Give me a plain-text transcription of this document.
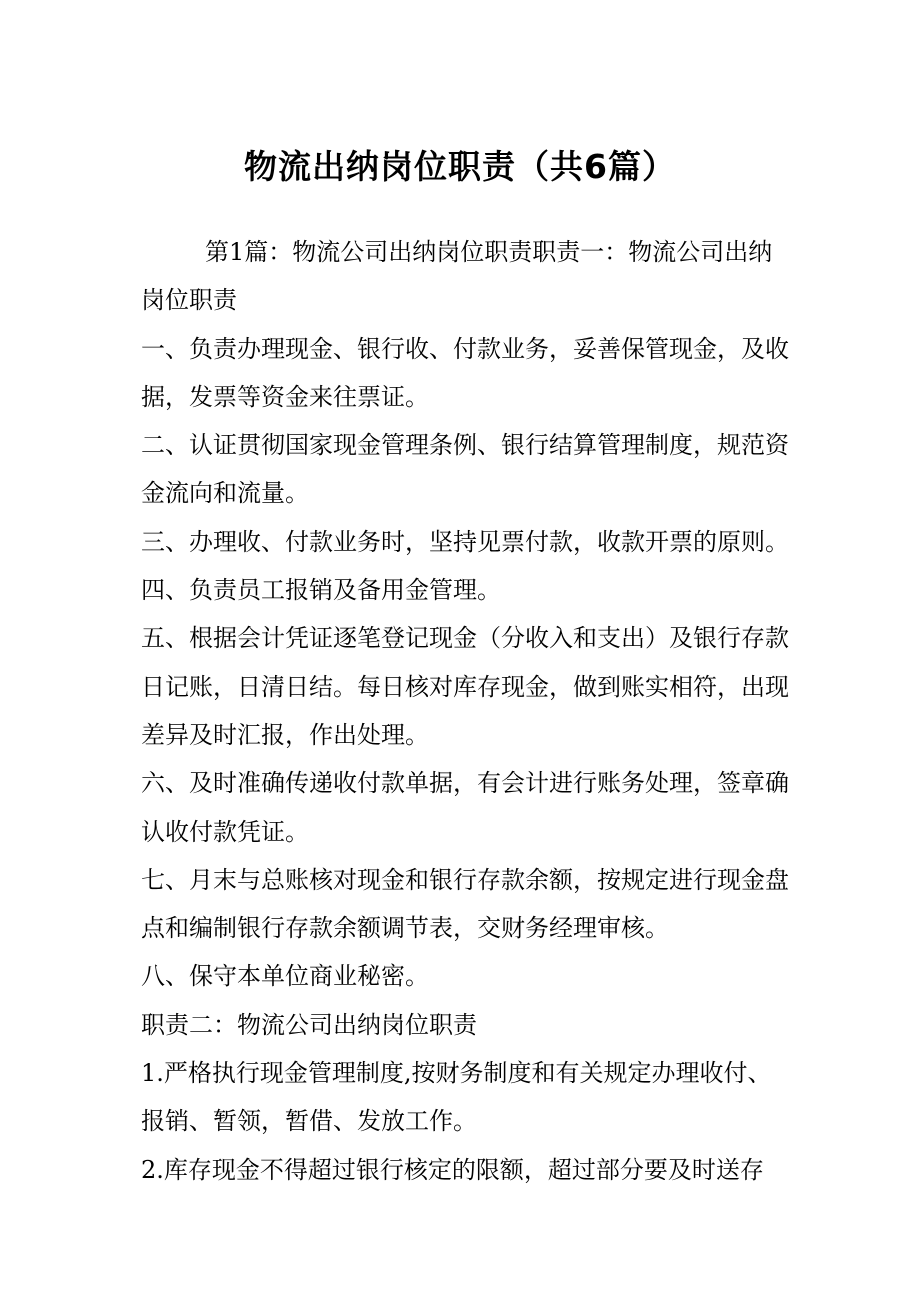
物流出纳岗位职责（共6篇）

第1篇：物流公司出纳岗位职责职责一：物流公司出纳岗位职责

一、负责办理现金、银行收、付款业务，妥善保管现金，及收据，发票等资金来往票证。

二、认证贯彻国家现金管理条例、银行结算管理制度，规范资金流向和流量。

三、办理收、付款业务时，坚持见票付款，收款开票的原则。

四、负责员工报销及备用金管理。

五、根据会计凭证逐笔登记现金（分收入和支出）及银行存款日记账，日清日结。每日核对库存现金，做到账实相符，出现差异及时汇报，作出处理。

六、及时准确传递收付款单据，有会计进行账务处理，签章确认收付款凭证。

七、月末与总账核对现金和银行存款余额，按规定进行现金盘点和编制银行存款余额调节表，交财务经理审核。

八、保守本单位商业秘密。

职责二：物流公司出纳岗位职责

1.严格执行现金管理制度,按财务制度和有关规定办理收付、报销、暂领，暂借、发放工作。

2.库存现金不得超过银行核定的限额，超过部分要及时送存
